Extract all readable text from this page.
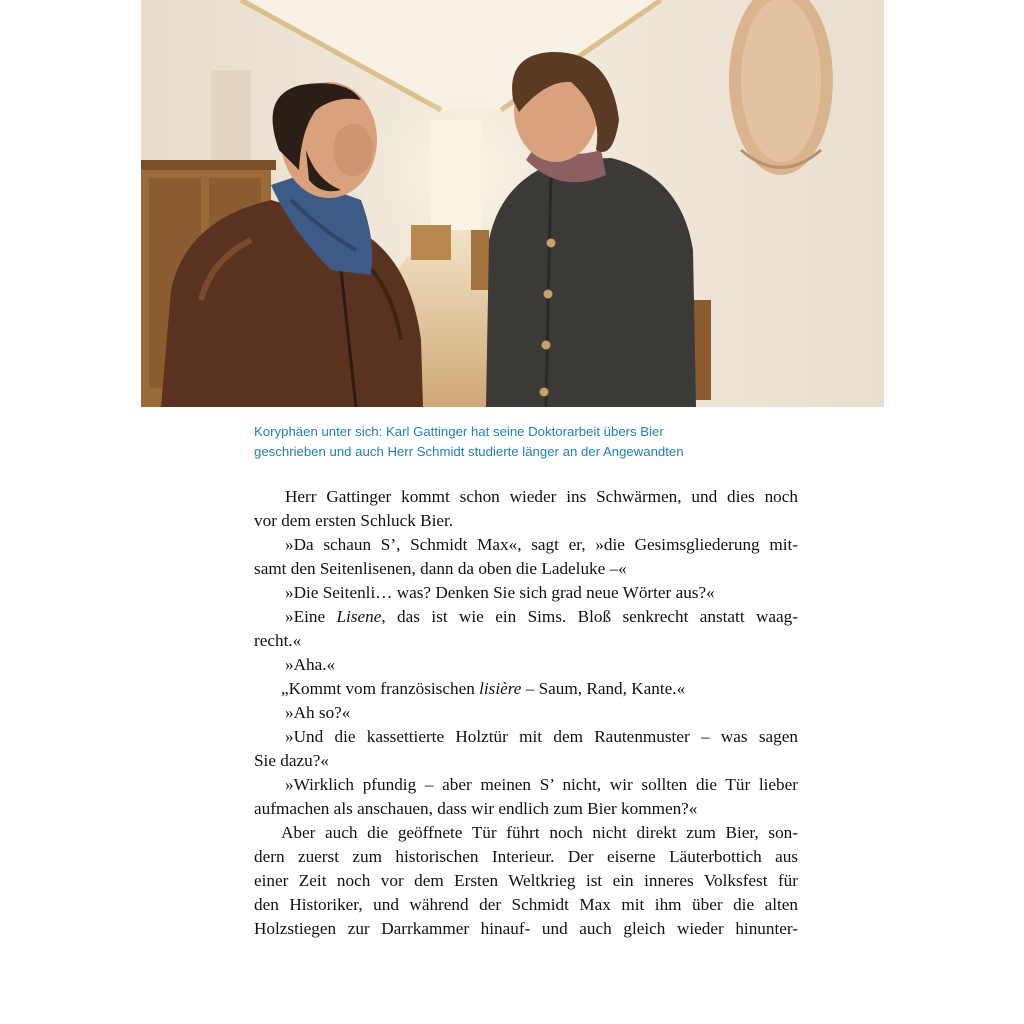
Koryphäen unter sich: Karl Gattinger hat seine Doktorarbeit übers Bier
geschrieben und auch Herr Schmidt studierte länger an der Angewandten
Herr Gattinger kommt schon wieder ins Schwärmen, und dies noch
vor dem ersten Schluck Bier.
»Da schaun S’, Schmidt Max«, sagt er, »die Gesimsgliederung mit-
samt den Seitenlisenen, dann da oben die Ladeluke –«
»Die Seitenli… was? Denken Sie sich grad neue Wörter aus?«
»Eine Lisene, das ist wie ein Sims. Bloß senkrecht anstatt waag-
recht.«
»Aha.«
„Kommt vom französischen lisière – Saum, Rand, Kante.«
»Ah so?«
»Und die kassettierte Holztür mit dem Rautenmuster – was sagen
Sie dazu?«
»Wirklich pfundig – aber meinen S’ nicht, wir sollten die Tür lieber
aufmachen als anschauen, dass wir endlich zum Bier kommen?«
Aber auch die geöffnete Tür führt noch nicht direkt zum Bier, son-
dern zuerst zum historischen Interieur. Der eiserne Läuterbottich aus
einer Zeit noch vor dem Ersten Weltkrieg ist ein inneres Volksfest für
den Historiker, und während der Schmidt Max mit ihm über die alten
Holzstiegen zur Darrkammer hinauf- und auch gleich wieder hinunter-
